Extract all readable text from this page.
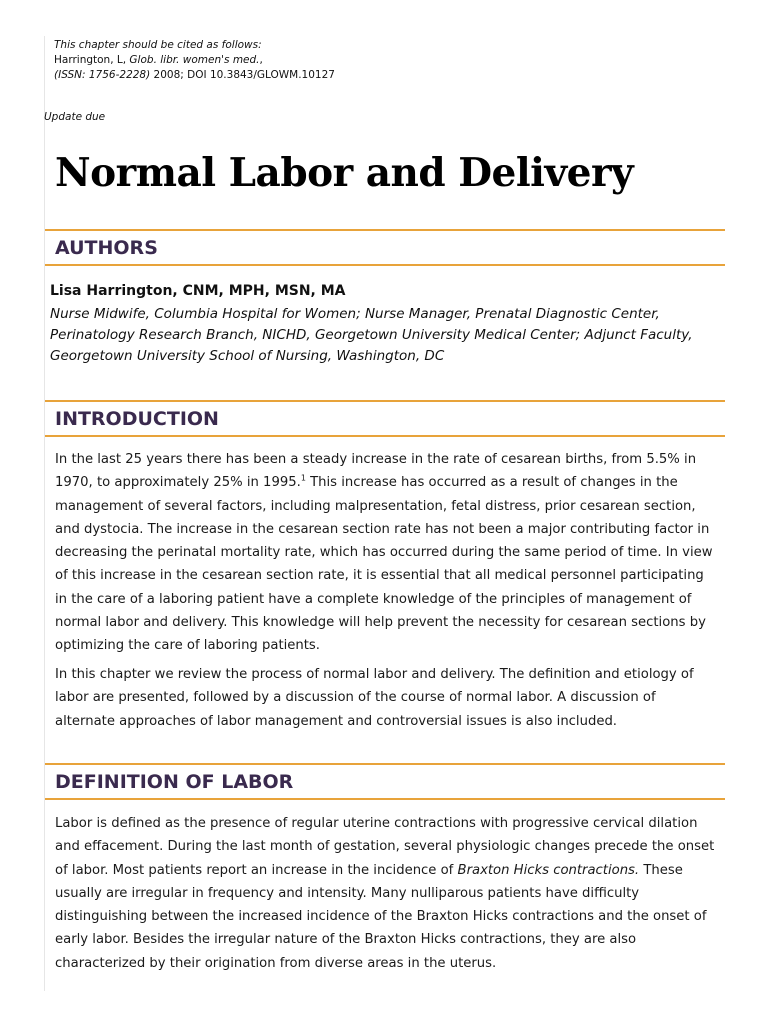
This chapter should be cited as follows:
Harrington, L, Glob. libr. women's med.,
(ISSN: 1756-2228) 2008; DOI 10.3843/GLOWM.10127
Update due
Normal Labor and Delivery
AUTHORS
Lisa Harrington, CNM, MPH, MSN, MA
Nurse Midwife, Columbia Hospital for Women; Nurse Manager, Prenatal Diagnostic Center,
Perinatology Research Branch, NICHD, Georgetown University Medical Center; Adjunct Faculty,
Georgetown University School of Nursing, Washington, DC
INTRODUCTION

In the last 25 years there has been a steady increase in the rate of cesarean births, from 5.5% in 1970, to approximately 25% in 1995.$^1$ This increase has occurred as a result of changes in the management of several factors, including malpresentation, fetal distress, prior cesarean section, and dystocia. The increase in the cesarean section rate has not been a major contributing factor in decreasing the perinatal mortality rate, which has occurred during the same period of time. In view of this increase in the cesarean section rate, it is essential that all medical personnel participating in the care of a laboring patient have a complete knowledge of the principles of management of normal labor and delivery. This knowledge will help prevent the necessity for cesarean sections by optimizing the care of laboring patients.

In this chapter we review the process of normal labor and delivery. The definition and etiology of labor are presented, followed by a discussion of the course of normal labor. A discussion of alternate approaches of labor management and controversial issues is also included.

DEFINITION OF LABOR

Labor is defined as the presence of regular uterine contractions with progressive cervical dilation and effacement. During the last month of gestation, several physiologic changes precede the onset of labor. Most patients report an increase in the incidence of Braxton Hicks contractions. These usually are irregular in frequency and intensity. Many nulliparous patients have difficulty distinguishing between the increased incidence of the Braxton Hicks contractions and the onset of early labor. Besides the irregular nature of the Braxton Hicks contractions, they are also characterized by their origination from diverse areas in the uterus.
